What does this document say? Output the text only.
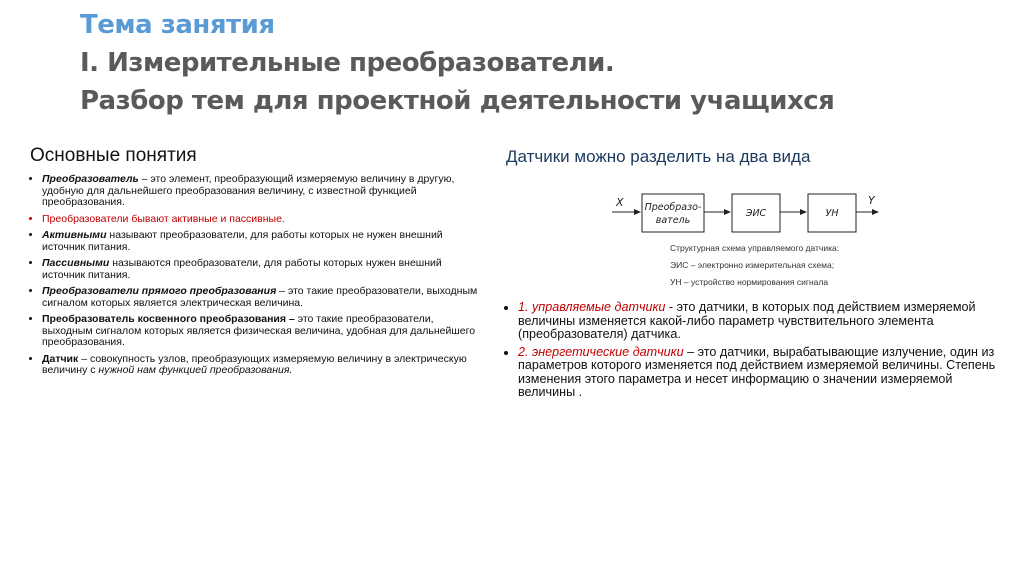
Тема занятия
I. Измерительные преобразователи.
Разбор тем для проектной деятельности учащихся
Основные понятия
• Преобразователь – это элемент, преобразующий измеряемую величину в другую, удобную для дальнейшего преобразования величину, с известной функцией преобразования.
• Преобразователи бывают активные и пассивные.
• Активными называют преобразователи, для работы которых не нужен внешний источник питания.
• Пассивными называются преобразователи, для работы которых нужен внешний источник питания.
• Преобразователи прямого преобразования – это такие преобразователи, выходным сигналом которых является электрическая величина.
• Преобразователь косвенного преобразования – это такие преобразователи, выходным сигналом которых является физическая величина, удобная для дальнейшего преобразования.
• Датчик – совокупность узлов, преобразующих измеряемую величину в электрическую величину с нужной нам функцией преобразования.
Датчики можно разделить на два вида
X	Y
Преобразо-
ватель
ЭИС	УН
Структурная схема управляемого датчика:
ЭИС – электронно измерительная схема;
УН – устройство нормирования сигнала
• 1. управляемые датчики - это датчики, в которых под действием измеряемой величины изменяется какой-либо параметр чувствительного элемента (преобразователя) датчика.
• 2. энергетические датчики – это датчики, вырабатывающие излучение, один из параметров которого изменяется под действием измеряемой величины. Степень изменения этого параметра и несет информацию о значении измеряемой величины .
